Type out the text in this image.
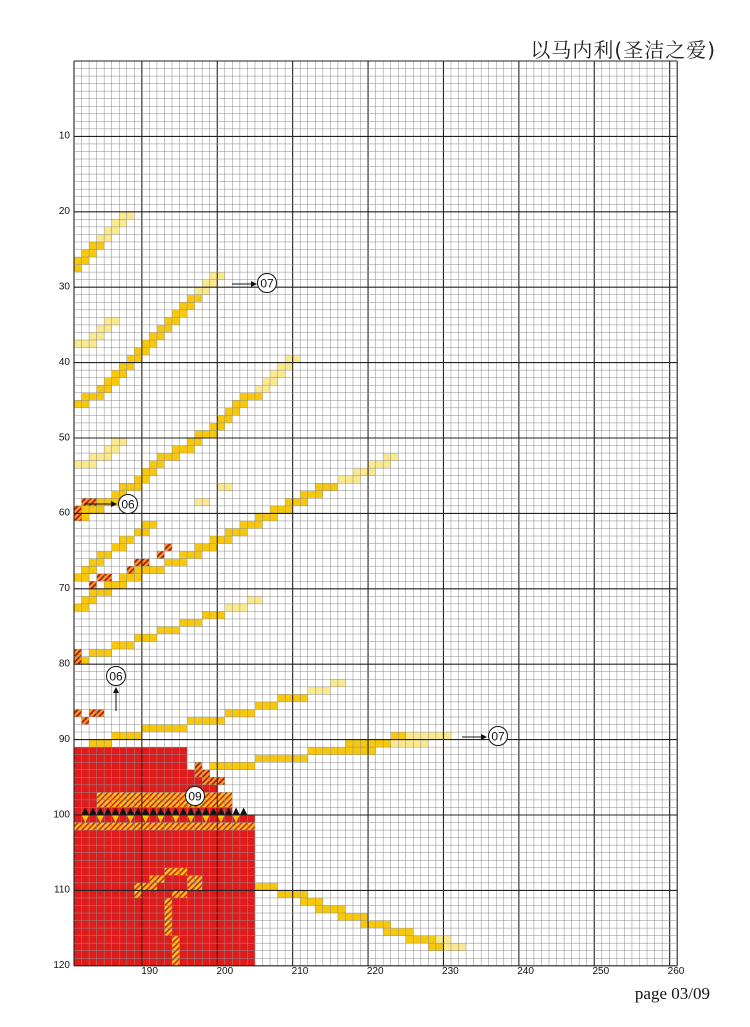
以马内利(圣洁之爱)
10
20
30
40
50
60
70
80
90
100
110
120
190	200	210	220	230	240	250	260
07
06
06
07
09
page 03/09
